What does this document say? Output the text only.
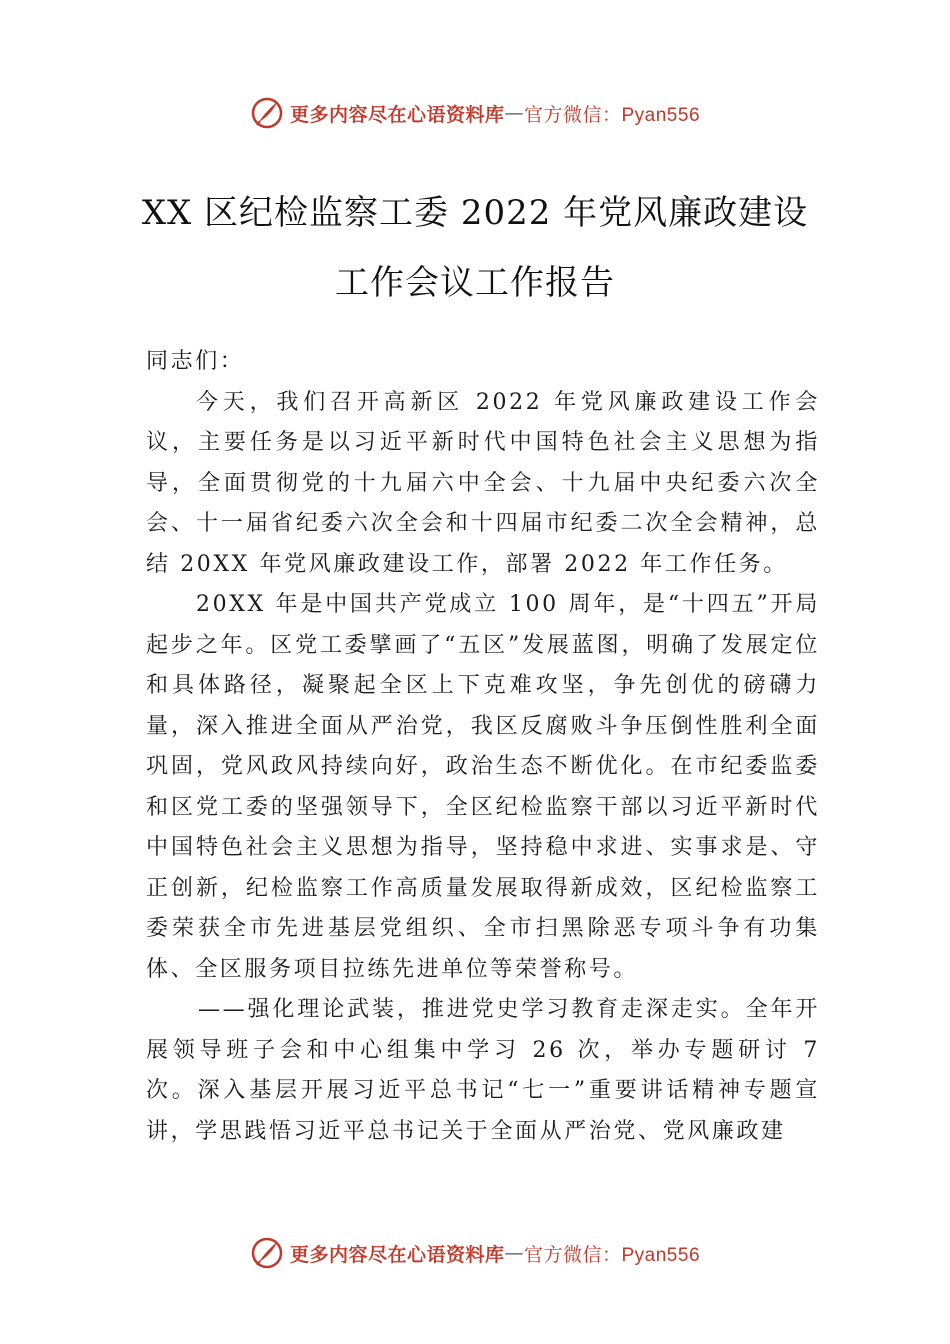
更多内容尽在心语资料库 — 官方微信：Pyan556
XX 区纪检监察工委 2022 年党风廉政建设
工作会议工作报告

同志们：

今天，我们召开高新区 2022 年党风廉政建设工作会议，主要任务是以习近平新时代中国特色社会主义思想为指导，全面贯彻党的十九届六中全会、十九届中央纪委六次全会、十一届省纪委六次全会和十四届市纪委二次全会精神，总结 20XX 年党风廉政建设工作，部署 2022 年工作任务。

20XX 年是中国共产党成立 100 周年，是“十四五”开局起步之年。区党工委擘画了“五区”发展蓝图，明确了发展定位和具体路径，凝聚起全区上下克难攻坚，争先创优的磅礴力量，深入推进全面从严治党，我区反腐败斗争压倒性胜利全面巩固，党风政风持续向好，政治生态不断优化。在市纪委监委和区党工委的坚强领导下，全区纪检监察干部以习近平新时代中国特色社会主义思想为指导，坚持稳中求进、实事求是、守正创新，纪检监察工作高质量发展取得新成效，区纪检监察工委荣获全市先进基层党组织、全市扫黑除恶专项斗争有功集体、全区服务项目拉练先进单位等荣誉称号。

——强化理论武装，推进党史学习教育走深走实。全年开展领导班子会和中心组集中学习 26 次，举办专题研讨 7 次。深入基层开展习近平总书记“七一”重要讲话精神专题宣讲，学思践悟习近平总书记关于全面从严治党、党风廉政建

更多内容尽在心语资料库 — 官方微信：Pyan556
